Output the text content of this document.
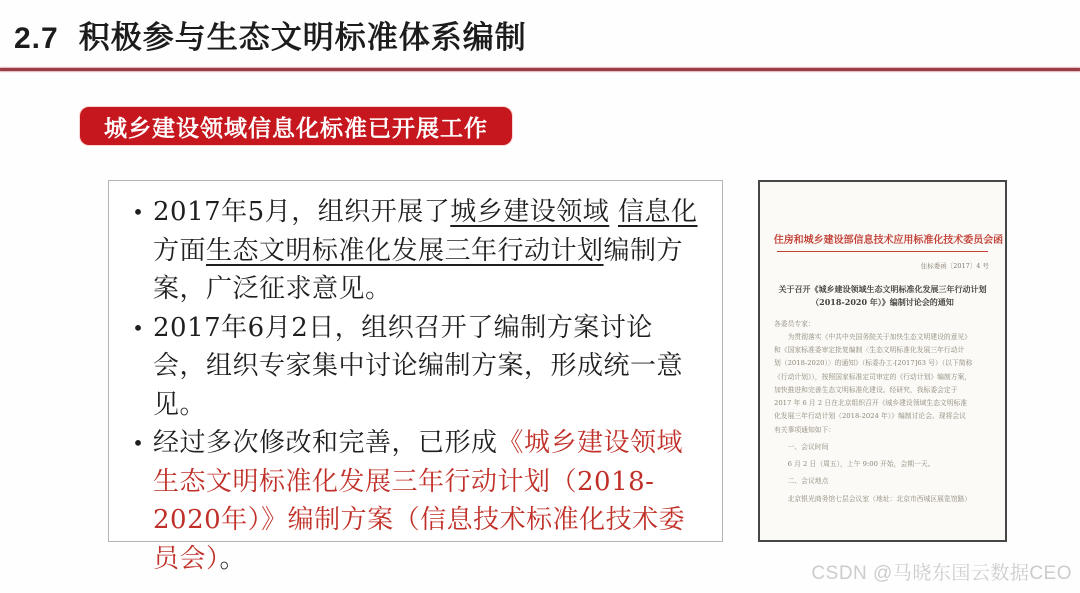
2.7 积极参与生态文明标准体系编制
城乡建设领域信息化标准已开展工作
• 2017年5月，组织开展了城乡建设领域 信息化方面生态文明标准化发展三年行动计划编制方案，广泛征求意见。
• 2017年6月2日，组织召开了编制方案讨论会，组织专家集中讨论编制方案，形成统一意见。
• 经过多次修改和完善，已形成《城乡建设领域生态文明标准化发展三年行动计划（2018-2020年）》编制方案（信息技术标准化技术委员会）。
住房和城乡建设部信息技术应用标准化技术委员会函
住标委函〔2017〕4 号
关于召开《城乡建设领域生态文明标准化发展三年行动计划（2018-2020 年）》编制讨论会的通知
各委员专家：
　　为贯彻落实《中共中央国务院关于加快生态文明建设的意见》
和《国家标准委审定批复编制〈生态文明标准化发展三年行动计
划（2018-2020）〉的通知》（标委办工-[2017]63 号）（以下简称
《行动计划》），按照国家标准定司审定的《行动计划》编制方案，
加快推进和完善生态文明标准化建设。经研究，我标委会定于
2017 年 6 月 2 日在北京组织召开《城乡建设领域生态文明标准
化发展三年行动计划（2018-2024 年）》编制讨论会。现将会议
有关事项通知如下：
　　一、会议时间
　　6 月 2 日（周五），上午 9:00 开始，会期一天。
　　二、会议地点
　　北京银光商务馆七层会议室（地址：北京市西城区展览馆路）
CSDN @马晓东国云数据CEO
